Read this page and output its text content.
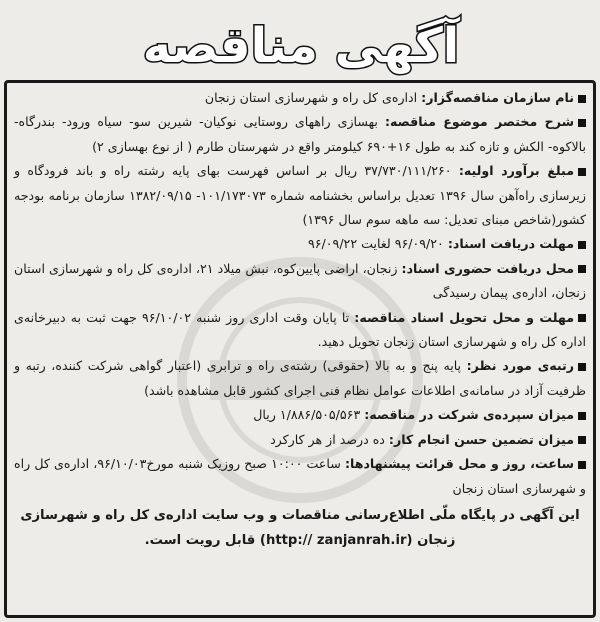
آگهی مناقصه

نام سازمان مناقصه‌گزار: اداره‌ی کل راه و شهرسازی استان زنجان

شرح مختصر موضوع مناقصه: بهسازی راههای روستایی نوکیان- شیرین سو- سیاه ورود- بندرگاه-بالاکوه- الکش و تازه کند به طول ۱۶+۶۹۰ کیلومتر واقع در شهرستان طارم ( از نوع بهسازی ۲)

مبلغ برآورد اولیه: ۳۷/۷۳۰/۱۱۱/۲۶۰ ریال بر اساس فهرست بهای پایه رشته راه و باند فرودگاه و زیرسازی راه‌آهن سال ۱۳۹۶ تعدیل براساس بخشنامه شماره ۱۰۱/۱۷۳۰۷۳- ۱۳۸۲/۰۹/۱۵ سازمان برنامه بودجه کشور(شاخص مبنای تعدیل: سه ماهه سوم سال ۱۳۹۶)

مهلت دریافت اسناد: ۹۶/۰۹/۲۰ لغایت ۹۶/۰۹/۲۲

محل دریافت حضوری اسناد: زنجان، اراضی پایین‌کوه، نبش میلاد ۲۱، اداره‌ی کل راه و شهرسازی استان زنجان، اداره‌ی پیمان رسیدگی

مهلت و محل تحویل اسناد مناقصه: تا پایان وقت اداری روز شنبه ۹۶/۱۰/۰۲ جهت ثبت به دبیرخانه‌ی اداره کل راه و شهرسازی استان زنجان تحویل دهید.

رتبه‌ی مورد نظر: پایه پنج و به بالا (حقوقی) رشته‌ی راه و ترابری (اعتبار گواهی شرکت کننده، رتبه و ظرفیت آزاد در سامانه‌ی اطلاعات عوامل نظام فنی اجرای کشور قابل مشاهده باشد)

میزان سپرده‌ی شرکت در مناقصه: ۱/۸۸۶/۵۰۵/۵۶۳ ریال

میزان تضمین حسن انجام کار: ده درصد از هر کارکرد

ساعت، روز و محل قرائت پیشنهادها: ساعت ۱۰:۰۰ صبح روزیک شنبه مورخ۹۶/۱۰/۰۳، اداره‌ی کل راه و شهرسازی استان زنجان

این آگهی در پایگاه ملّی اطلاع‌رسانی مناقصات و وب سایت اداره‌ی کل راه و شهرسازی
زنجان (http:// zanjanrah.ir) قابل رویت است.
